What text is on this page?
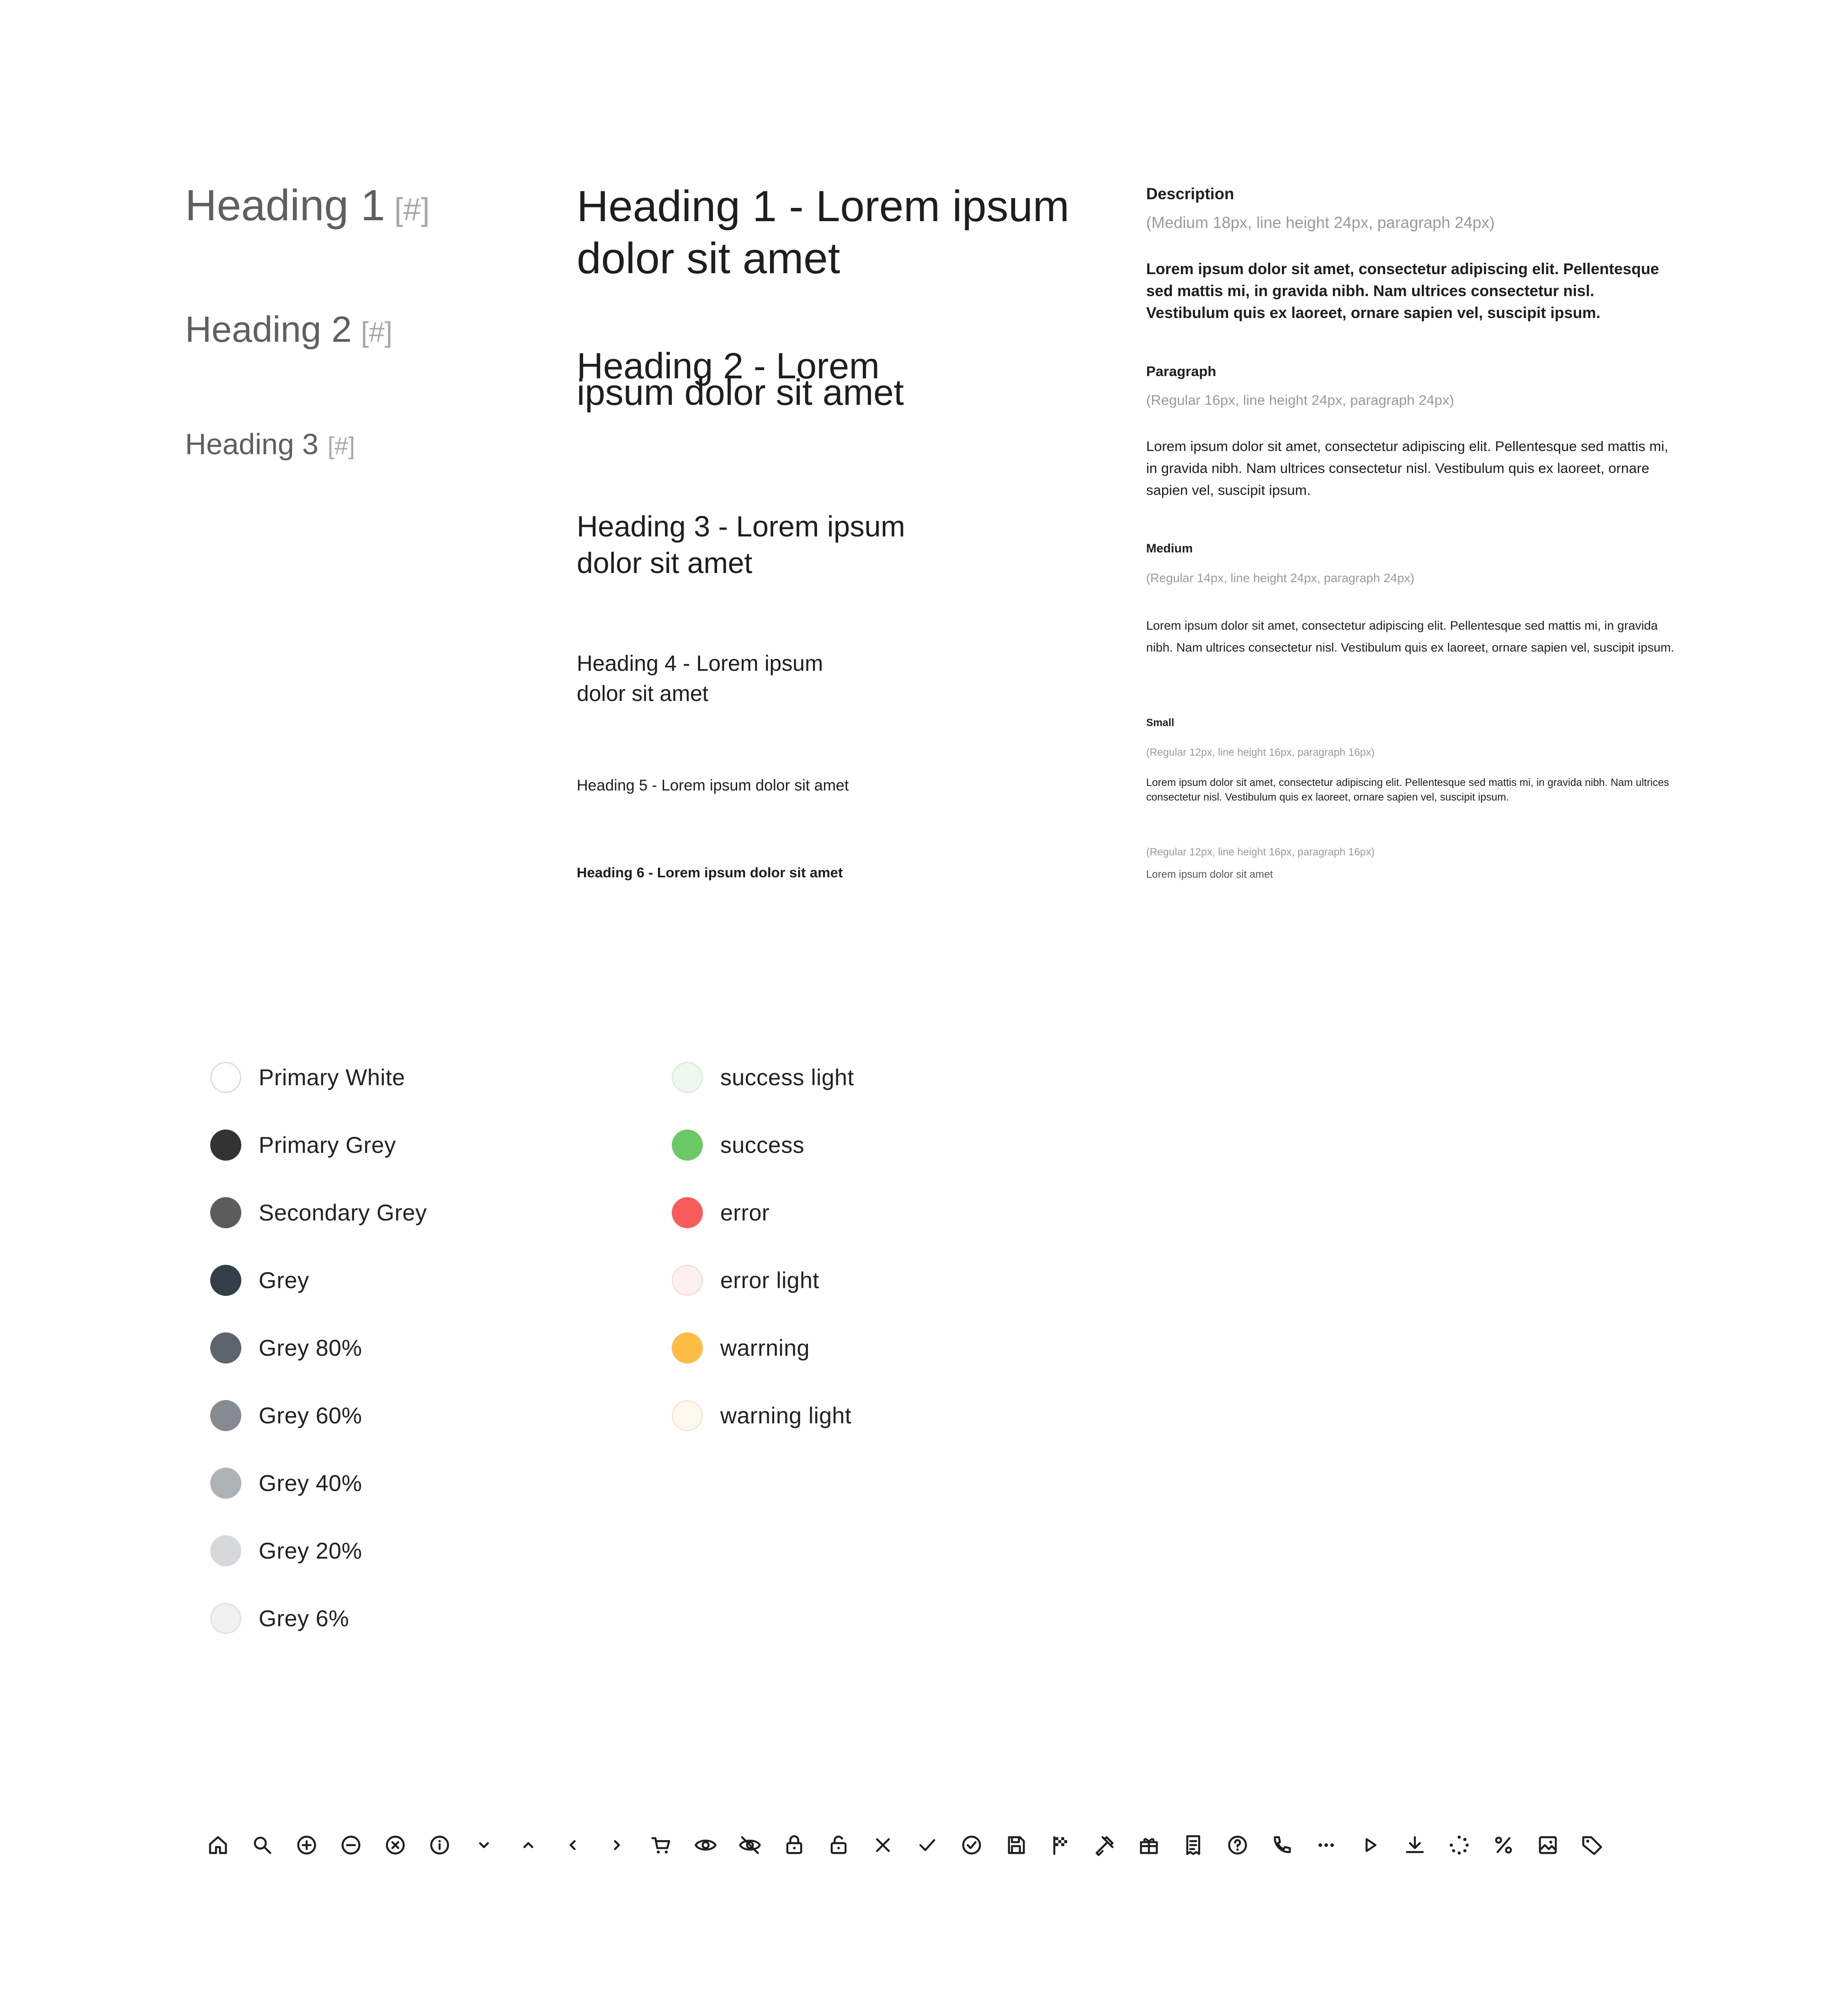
Heading 1 [#]
Heading 2 [#]
Heading 3 [#]
Heading 1 - Lorem ipsum dolor sit amet
Heading 2 - Lorem ipsum dolor sit amet
Heading 3 - Lorem ipsum dolor sit amet
Heading 4 - Lorem ipsum dolor sit amet
Heading 5 - Lorem ipsum dolor sit amet
Heading 6 - Lorem ipsum dolor sit amet
Description
(Medium 18px, line height 24px, paragraph 24px)
Lorem ipsum dolor sit amet, consectetur adipiscing elit. Pellentesque sed mattis mi, in gravida nibh. Nam ultrices consectetur nisl. Vestibulum quis ex laoreet, ornare sapien vel, suscipit ipsum.
Paragraph
(Regular 16px, line height 24px, paragraph 24px)
Lorem ipsum dolor sit amet, consectetur adipiscing elit. Pellentesque sed mattis mi, in gravida nibh. Nam ultrices consectetur nisl. Vestibulum quis ex laoreet, ornare sapien vel, suscipit ipsum.
Medium
(Regular 14px, line height 24px, paragraph 24px)
Lorem ipsum dolor sit amet, consectetur adipiscing elit. Pellentesque sed mattis mi, in gravida nibh. Nam ultrices consectetur nisl. Vestibulum quis ex laoreet, ornare sapien vel, suscipit ipsum.
Small
(Regular 12px, line height 16px, paragraph 16px)
Lorem ipsum dolor sit amet, consectetur adipiscing elit. Pellentesque sed mattis mi, in gravida nibh. Nam ultrices consectetur nisl. Vestibulum quis ex laoreet, ornare sapien vel, suscipit ipsum.
(Regular 12px, line height 16px, paragraph 16px)
Lorem ipsum dolor sit amet
Primary White
Primary Grey
Secondary Grey
Grey
Grey 80%
Grey 60%
Grey 40%
Grey 20%
Grey 6%
success light
success
error
error light
warrning
warning light
